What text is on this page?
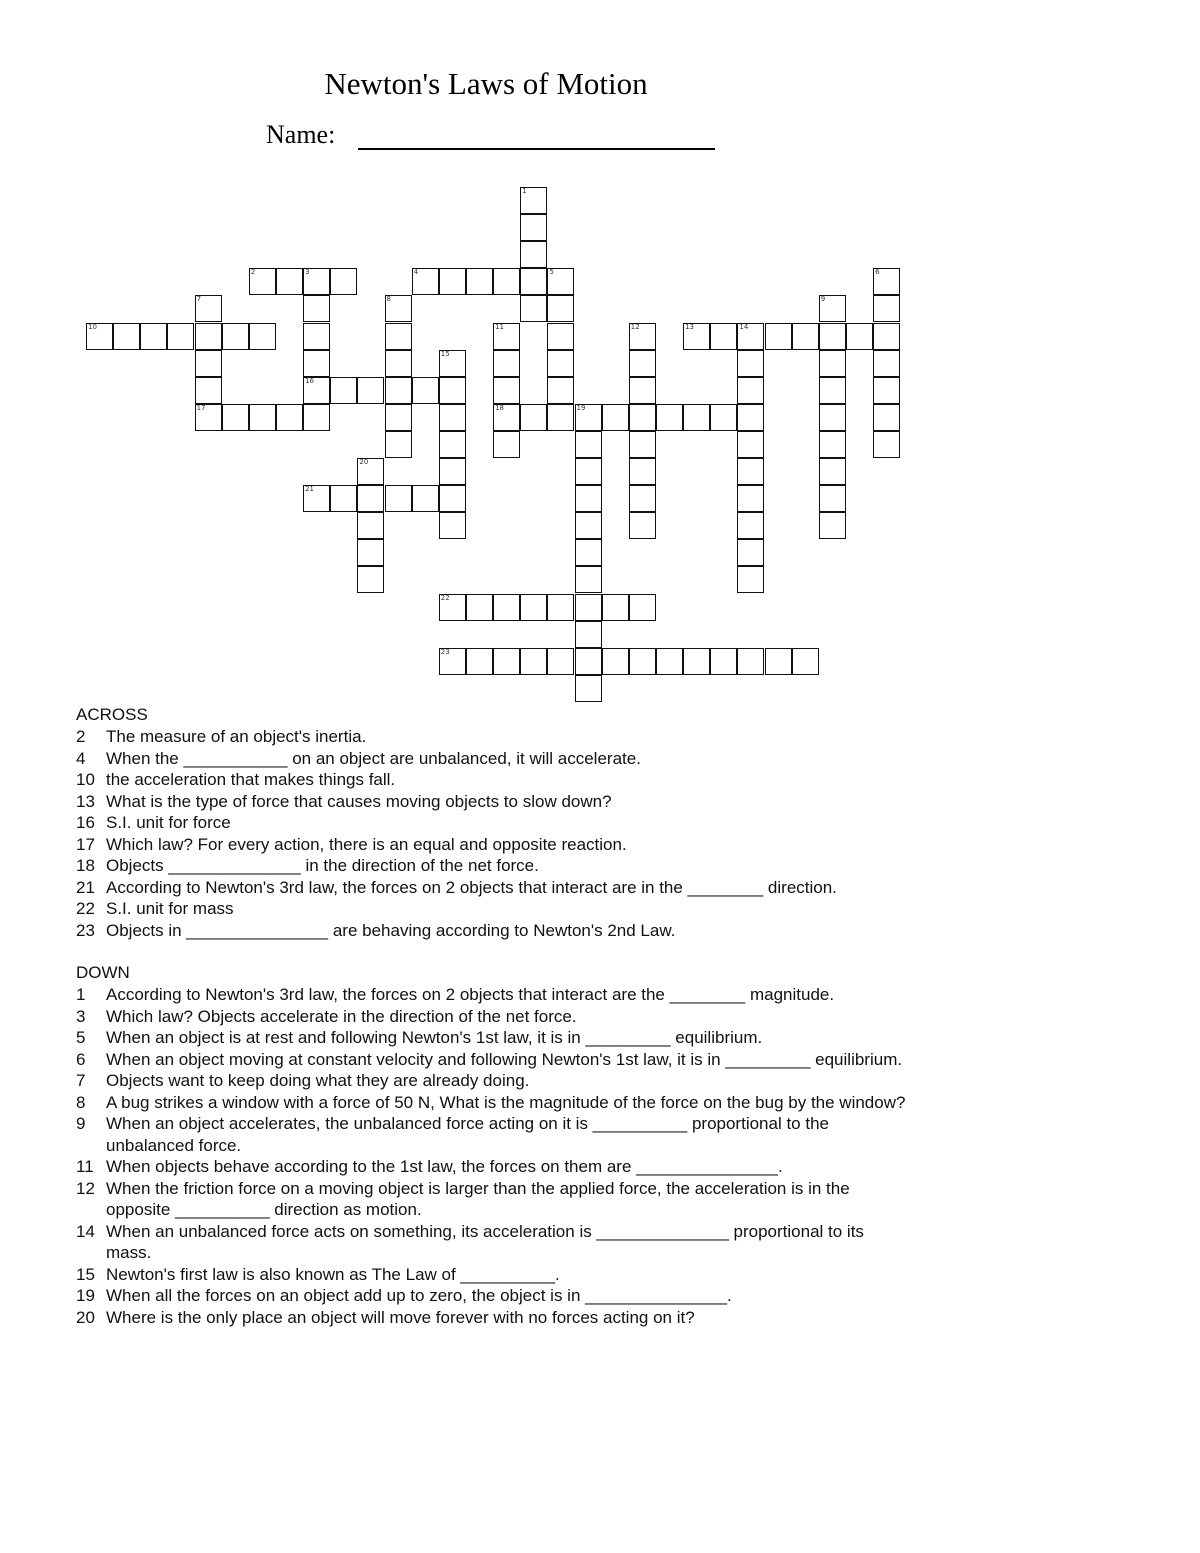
Newton's Laws of Motion
Name:
2	3	4	5
10	13	14
16
17	18	19
21
22
23
1
6
7	8	9
11	12
15
20
ACROSS
2 The measure of an object's inertia.
4 When the ___________ on an object are unbalanced, it will accelerate.
10 the acceleration that makes things fall.
13 What is the type of force that causes moving objects to slow down?
16 S.I. unit for force
17 Which law? For every action, there is an equal and opposite reaction.
18 Objects ______________ in the direction of the net force.
21 According to Newton's 3rd law, the forces on 2 objects that interact are in the ________ direction.
22 S.I. unit for mass
23 Objects in _______________ are behaving according to Newton's 2nd Law.
DOWN
1 According to Newton's 3rd law, the forces on 2 objects that interact are the ________ magnitude.
3 Which law? Objects accelerate in the direction of the net force.
5 When an object is at rest and following Newton's 1st law, it is in _________ equilibrium.
6 When an object moving at constant velocity and following Newton's 1st law, it is in _________ equilibrium.
7 Objects want to keep doing what they are already doing.
8 A bug strikes a window with a force of 50 N, What is the magnitude of the force on the bug by the window?
9 When an object accelerates, the unbalanced force acting on it is __________ proportional to the unbalanced force.
11 When objects behave according to the 1st law, the forces on them are _______________.
12 When the friction force on a moving object is larger than the applied force, the acceleration is in the opposite __________ direction as motion.
14 When an unbalanced force acts on something, its acceleration is ______________ proportional to its mass.
15 Newton's first law is also known as The Law of __________.
19 When all the forces on an object add up to zero, the object is in _______________.
20 Where is the only place an object will move forever with no forces acting on it?
